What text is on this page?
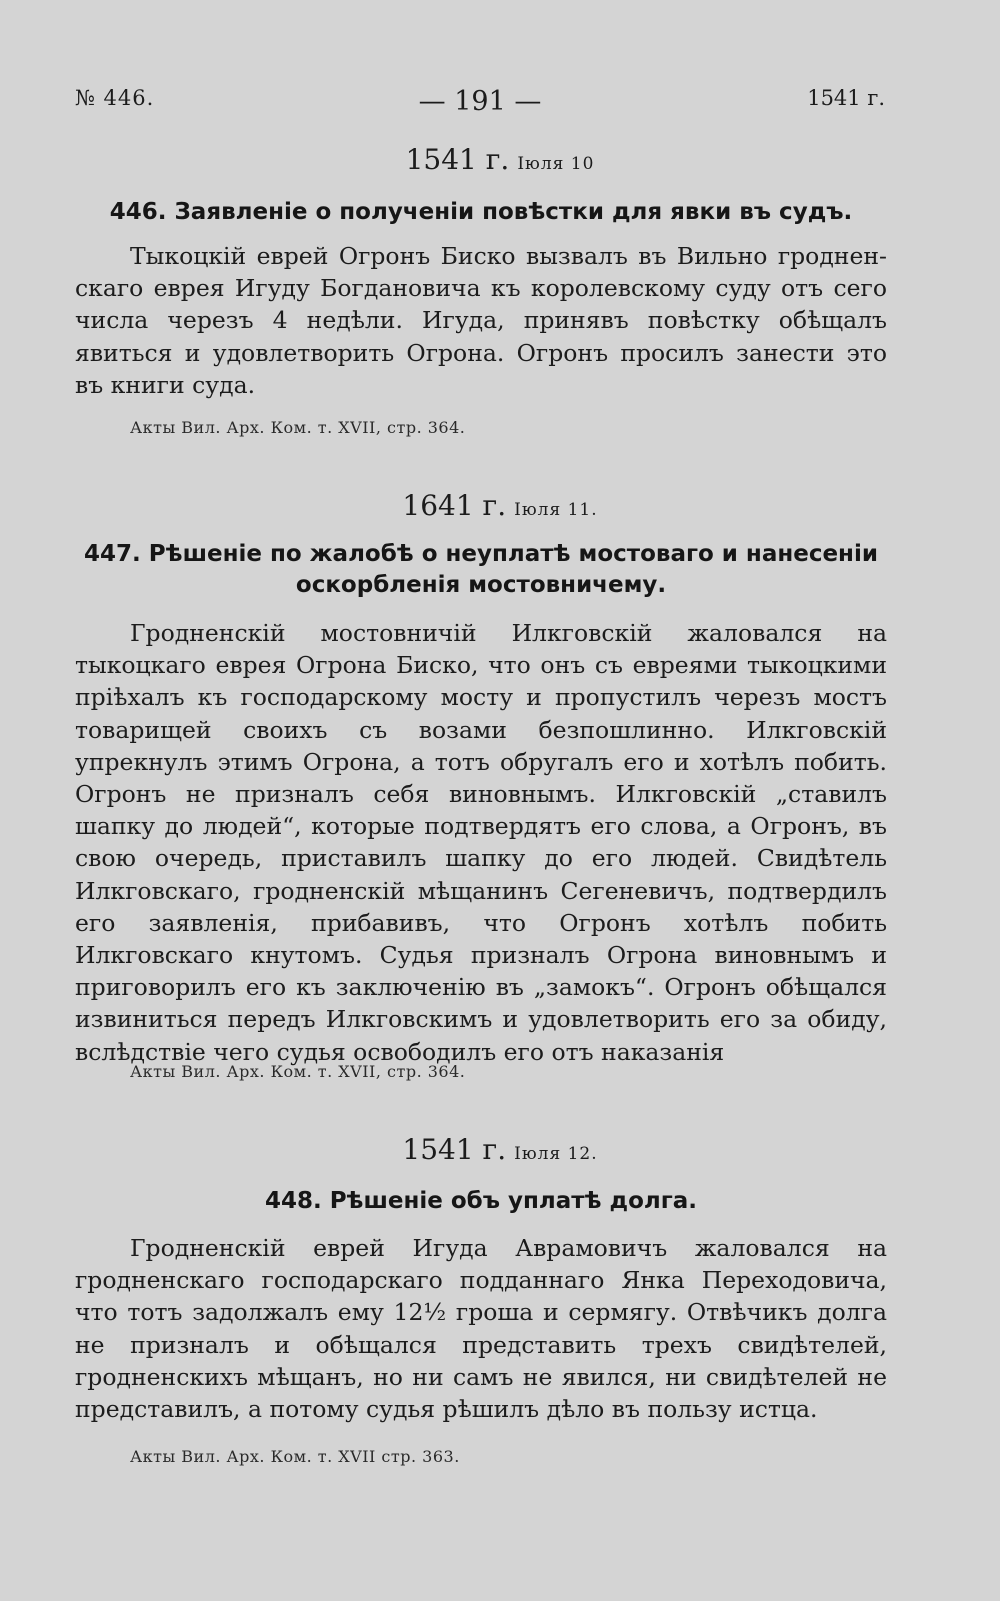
№ 446.	— 191 —	1541 г.
1541 г. Іюля 10
446. Заявленіе о полученіи повѣстки для явки въ судъ.
Тыкоцкій еврей Огронъ Биско вызвалъ въ Вильно гродненскаго еврея Игуду Богдановича къ королевскому суду отъ сего числа черезъ 4 недѣли. Игуда, принявъ повѣстку обѣщалъ явиться и удовлетворить Огрона. Огронъ просилъ занести это въ книги суда.
Акты Вил. Арх. Ком. т. XVII, стр. 364.
1641 г. Іюля 11.
447. Рѣшеніе по жалобѣ о неуплатѣ мостоваго и нанесеніи оскорбленія мостовничему.
Гродненскій мостовничій Илкговскій жаловался на тыкоцкаго еврея Огрона Биско, что онъ съ евреями тыкоцкими пріѣхалъ къ господарскому мосту и пропустилъ черезъ мостъ товарищей своихъ съ возами безпошлинно. Илкговскій упрекнулъ этимъ Огрона, а тотъ обругалъ его и хотѣлъ побить. Огронъ не призналъ себя виновнымъ. Илкговскій „ставилъ шапку до людей“, которые подтвердятъ его слова, а Огронъ, въ свою очередь, приставилъ шапку до его людей. Свидѣтель Илкговскаго, гродненскій мѣщанинъ Сегеневичъ, подтвердилъ его заявленія, прибавивъ, что Огронъ хотѣлъ побить Илкговскаго кнутомъ. Судья призналъ Огрона виновнымъ и приговорилъ его къ заключенію въ „замокъ“. Огронъ обѣщался извиниться передъ Илкговскимъ и удовлетворить его за обиду, вслѣдствіе чего судья освободилъ его отъ наказанія
Акты Вил. Арх. Ком. т. XVII, стр. 364.
1541 г. Іюля 12.
448. Рѣшеніе объ уплатѣ долга.
Гродненскій еврей Игуда Аврамовичъ жаловался на гродненскаго господарскаго подданнаго Янка Переходовича, что тотъ задолжалъ ему 12½ гроша и сермягу. Отвѣчикъ долга не призналъ и обѣщался представить трехъ свидѣтелей, гродненскихъ мѣщанъ, но ни самъ не явился, ни свидѣтелей не представилъ, а потому судья рѣшилъ дѣло въ пользу истца.
Акты Вил. Арх. Ком. т. XVII стр. 363.
